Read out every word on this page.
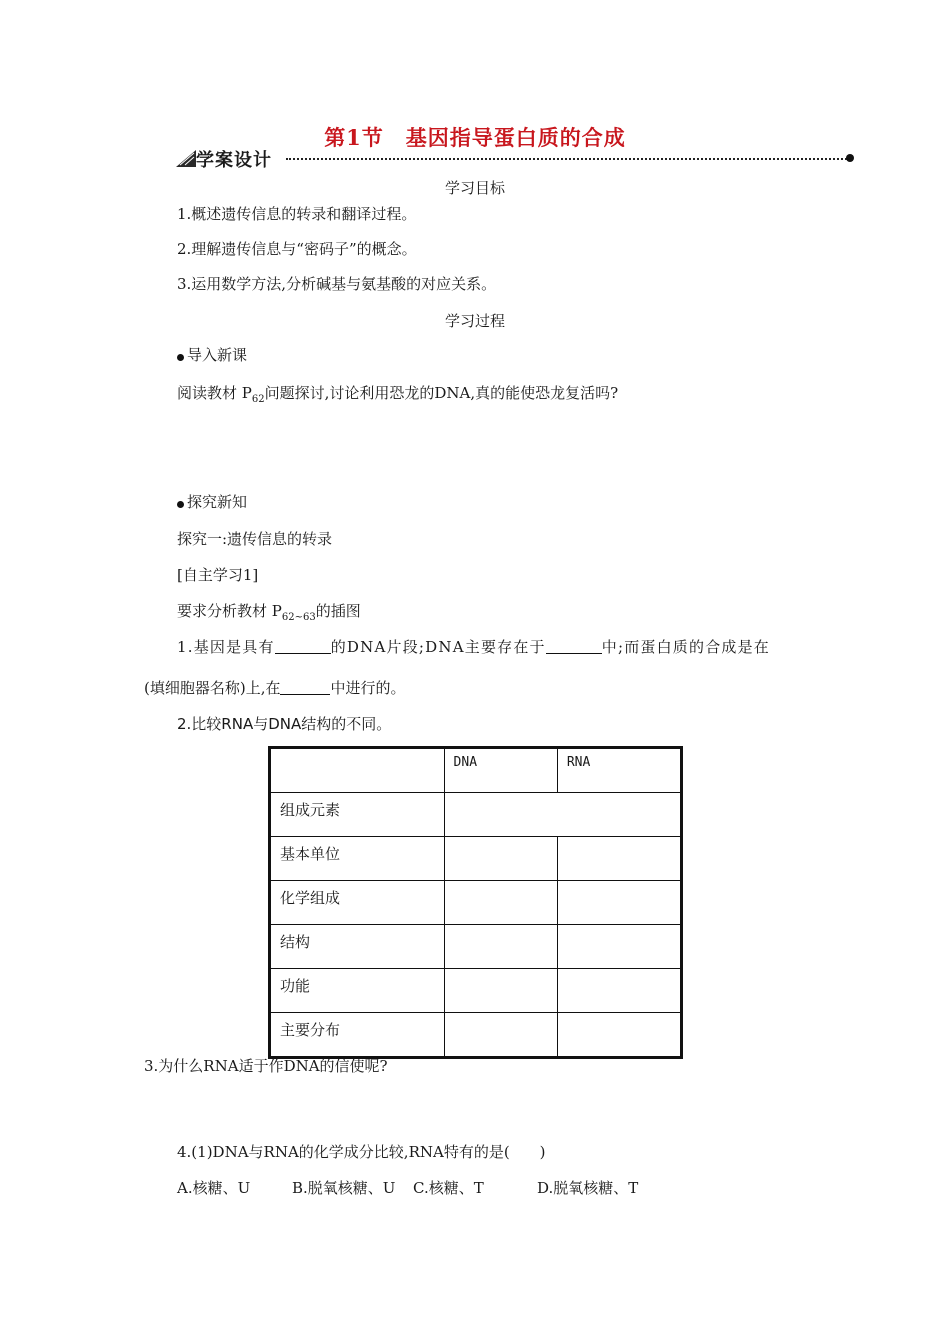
第1节　基因指导蛋白质的合成
学案设计
学习目标
1.概述遗传信息的转录和翻译过程。
2.理解遗传信息与“密码子”的概念。
3.运用数学方法,分析碱基与氨基酸的对应关系。
学习过程
导入新课
阅读教材 $P_{62}$问题探讨,讨论利用恐龙的DNA,真的能使恐龙复活吗?
探究新知
探究一:遗传信息的转录
[自主学习1]
要求分析教材 $P_{62\sim 63}$的插图
1.基因是具有	的DNA片段;DNA主要存在于	中;而蛋白质的合成是在
(填细胞器名称)上,在	中进行的。
2.比较RNA与DNA结构的不同。
	DNA	RNA
组成元素		
基本单位		
化学组成		
结构		
功能		
主要分布		
3.为什么RNA适于作DNA的信使呢?
4.(1)DNA与RNA的化学成分比较,RNA特有的是(　　)
A.核糖、U	B.脱氧核糖、U C.核糖、T	D.脱氧核糖、T
